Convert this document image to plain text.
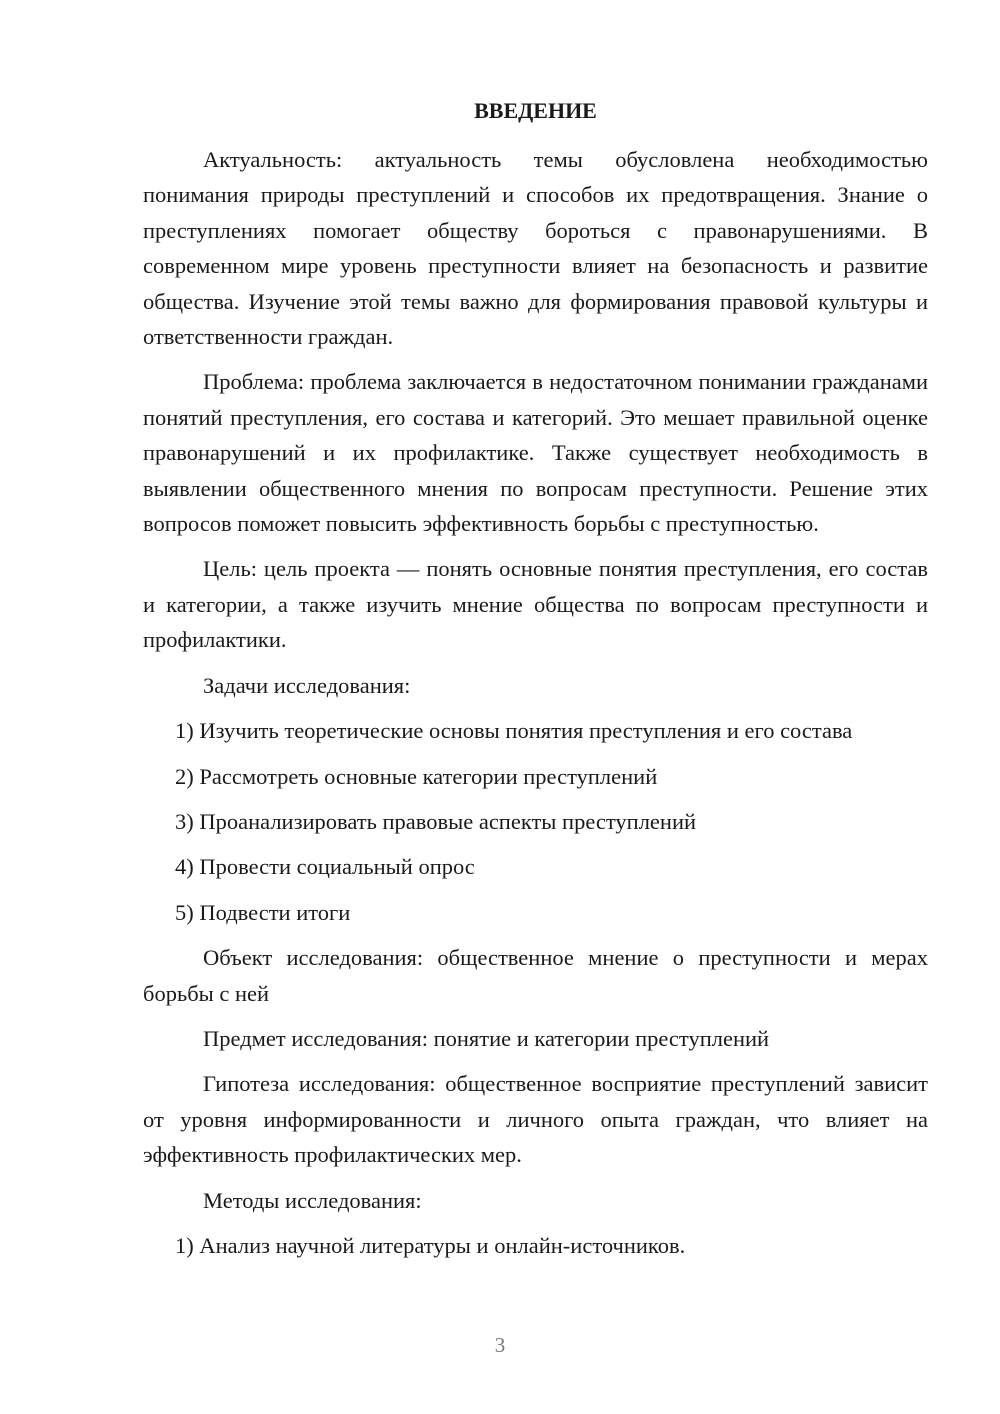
ВВЕДЕНИЕ

Актуальность: актуальность темы обусловлена необходимостью понимания природы преступлений и способов их предотвращения. Знание о преступлениях помогает обществу бороться с правонарушениями. В современном мире уровень преступности влияет на безопасность и развитие общества. Изучение этой темы важно для формирования правовой культуры и ответственности граждан.

Проблема: проблема заключается в недостаточном понимании гражданами понятий преступления, его состава и категорий. Это мешает правильной оценке правонарушений и их профилактике. Также существует необходимость в выявлении общественного мнения по вопросам преступности. Решение этих вопросов поможет повысить эффективность борьбы с преступностью.

Цель: цель проекта — понять основные понятия преступления, его состав и категории, а также изучить мнение общества по вопросам преступности и профилактики.

Задачи исследования:

1) Изучить теоретические основы понятия преступления и его состава

2) Рассмотреть основные категории преступлений

3) Проанализировать правовые аспекты преступлений

4) Провести социальный опрос

5) Подвести итоги

Объект исследования: общественное мнение о преступности и мерах борьбы с ней

Предмет исследования: понятие и категории преступлений

Гипотеза исследования: общественное восприятие преступлений зависит от уровня информированности и личного опыта граждан, что влияет на эффективность профилактических мер.

Методы исследования:

1) Анализ научной литературы и онлайн-источников.

3
